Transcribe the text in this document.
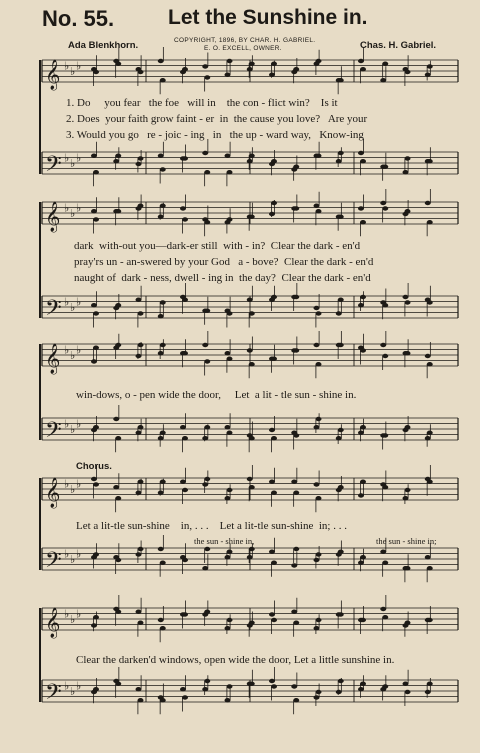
No. 55.	Let the Sunshine in.
COPYRIGHT, 1896, BY CHAR. H. GABRIEL.
E. O. EXCELL, OWNER.
Ada Blenkhorn.	Chas. H. Gabriel.
𝄞 ♭ ♭ ♭
𝄢 ♭ ♭ ♭
𝄞 ♭ ♭ ♭
𝄢 ♭ ♭ ♭
𝄞 ♭ ♭ ♭
𝄢 ♭ ♭ ♭
𝄞 ♭ ♭ ♭
𝄢 ♭ ♭ ♭
𝄞 ♭ ♭ ♭
𝄢 ♭ ♭ ♭
1. Do you fear the foe will in the con - flict win? Is it
2. Does your faith grow faint - er in the cause you love? Are your
3. Would you go re - joic - ing in the up - ward way, Know-ing
dark with-out you—dark-er still with - in? Clear the dark - en'd
pray'rs un - an-swered by your God a - bove? Clear the dark - en'd
naught of dark - ness, dwell - ing in the day? Clear the dark - en'd
win-dows, o - pen wide the door, Let a lit - tle sun - shine in.
Chorus.
Let a lit-tle sun-shine in, . . . Let a lit-tle sun-shine in; . . .
the sun - shine in,	the sun - shine in;
Clear the darken'd windows, open wide the door, Let a little sunshine in.
